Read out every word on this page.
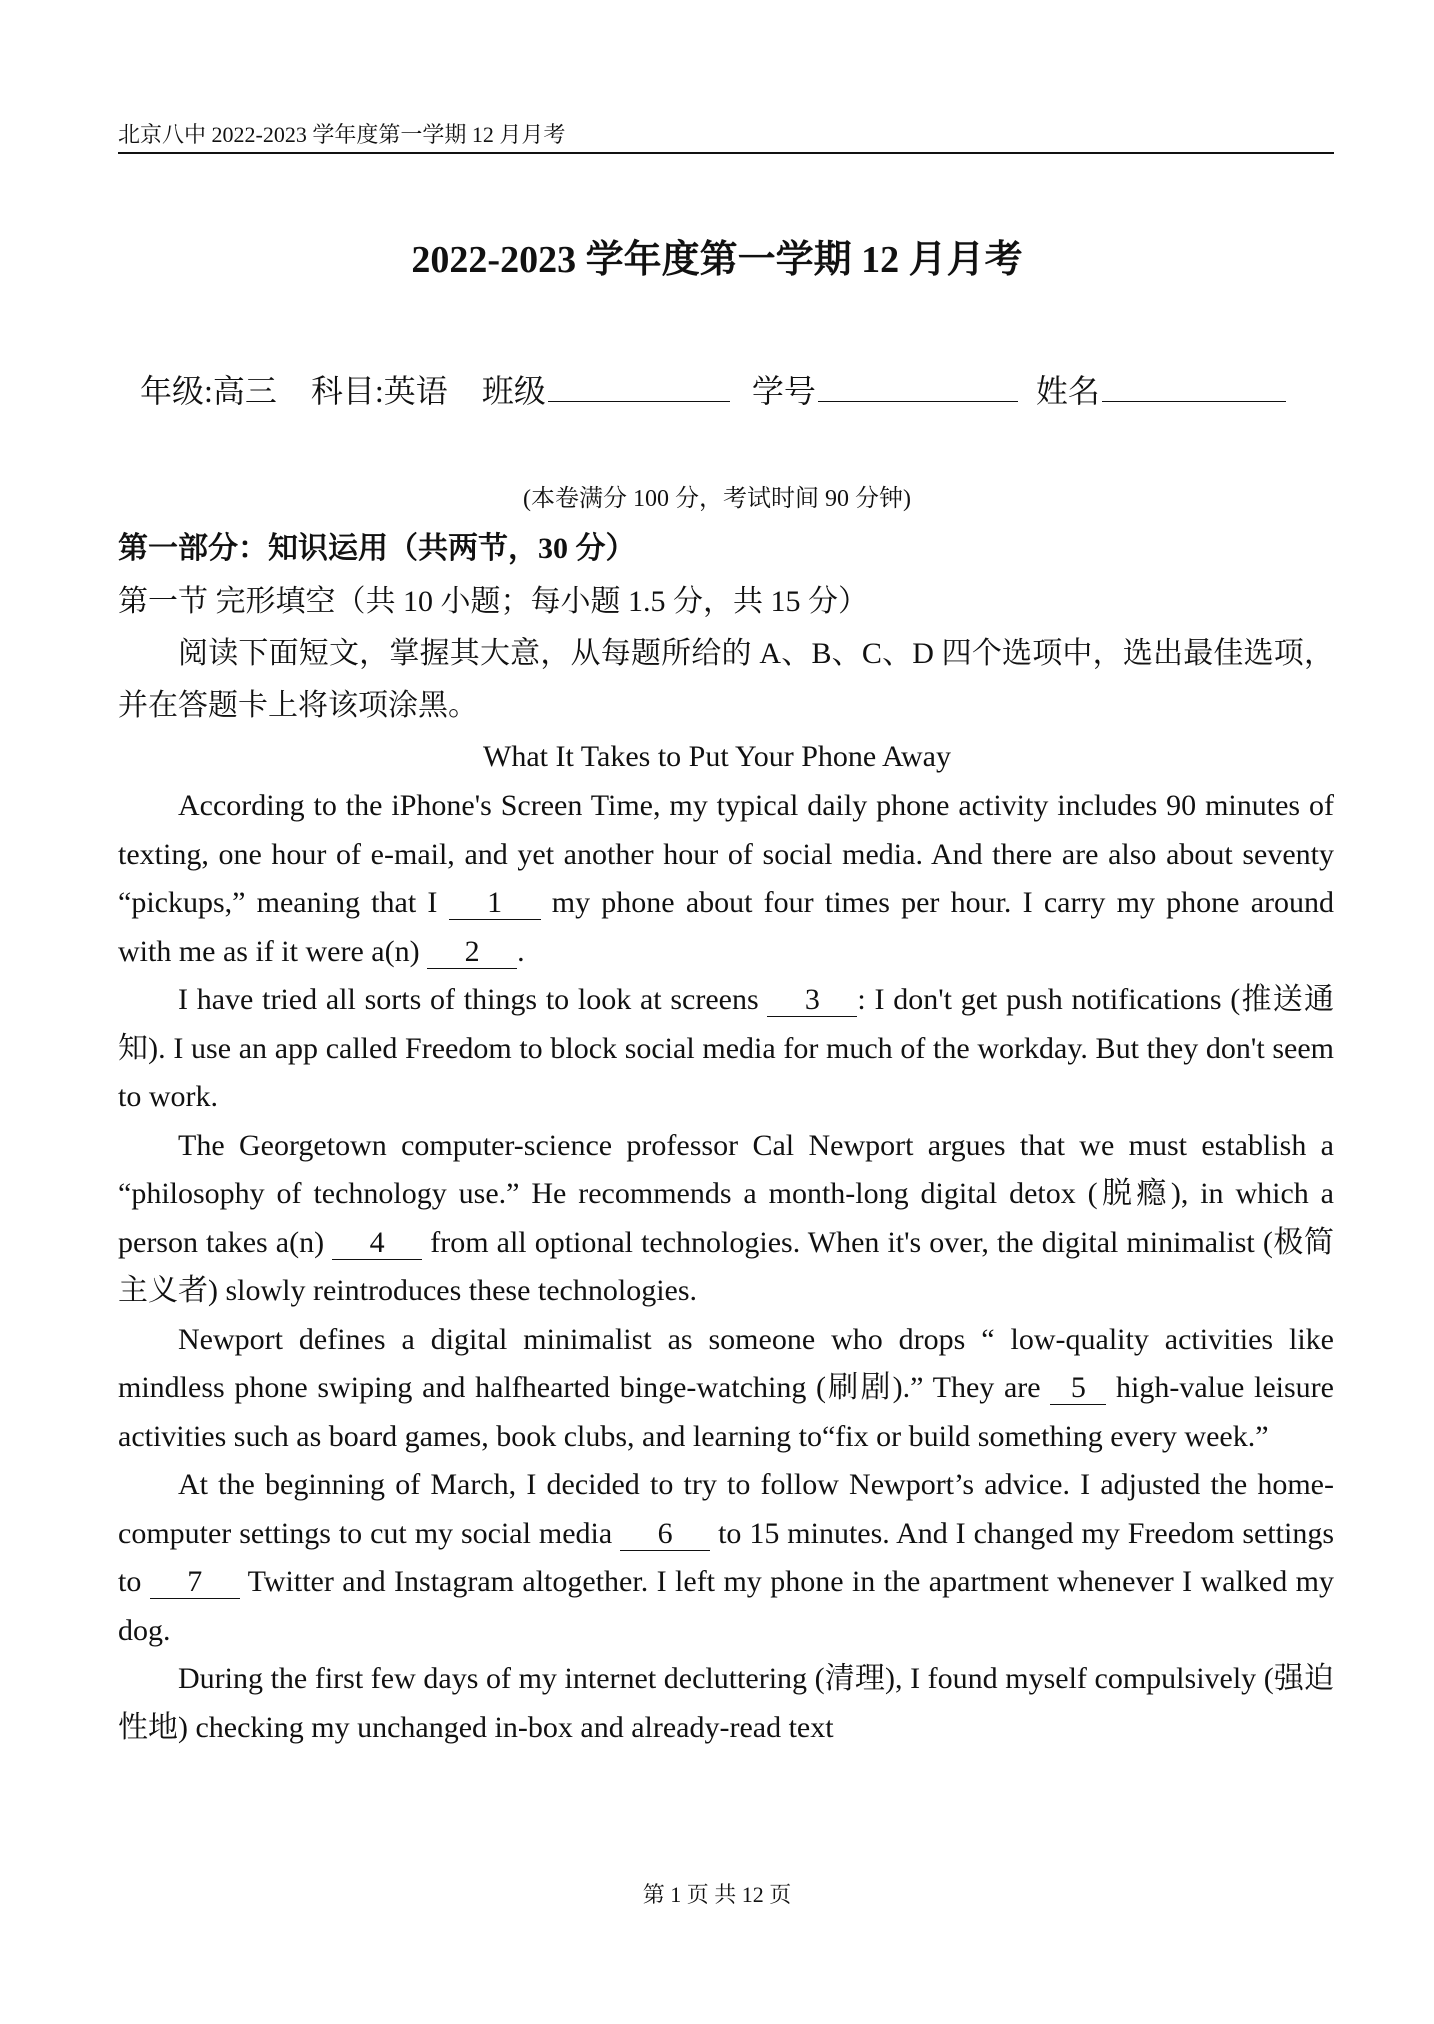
北京八中 2022-2023 学年度第一学期 12 月月考
2022-2023 学年度第一学期 12 月月考
年级:高三 科目:英语 班级	学号	姓名
(本卷满分 100 分，考试时间 90 分钟)
第一部分：知识运用（共两节，30 分）
第一节 完形填空（共 10 小题；每小题 1.5 分，共 15 分）
阅读下面短文，掌握其大意，从每题所给的 A、B、C、D 四个选项中，选出最佳选项，并在答题卡上将该项涂黑。
What It Takes to Put Your Phone Away

According to the iPhone's Screen Time, my typical daily phone activity includes 90 minutes of texting, one hour of e-mail, and yet another hour of social media. And there are also about seventy “pickups,” meaning that I 1 my phone about four times per hour. I carry my phone around with me as if it were a(n) 2 .

I have tried all sorts of things to look at screens 3 : I don't get push notifications (推送通知). I use an app called Freedom to block social media for much of the workday. But they don't seem to work.

The Georgetown computer-science professor Cal Newport argues that we must establish a “philosophy of technology use.” He recommends a month-long digital detox (脱瘾), in which a person takes a(n) 4 from all optional technologies. When it's over, the digital minimalist (极简主义者) slowly reintroduces these technologies.

Newport defines a digital minimalist as someone who drops “ low-quality activities like mindless phone swiping and halfhearted binge-watching (刷剧).” They are 5 high-value leisure activities such as board games, book clubs, and learning to“fix or build something every week.”

At the beginning of March, I decided to try to follow Newport’s advice. I adjusted the home-computer settings to cut my social media 6 to 15 minutes. And I changed my Freedom settings to 7 Twitter and Instagram altogether. I left my phone in the apartment whenever I walked my dog.

During the first few days of my internet decluttering (清理), I found myself compulsively (强迫性地) checking my unchanged in-box and already-read text

第 1 页 共 12 页
